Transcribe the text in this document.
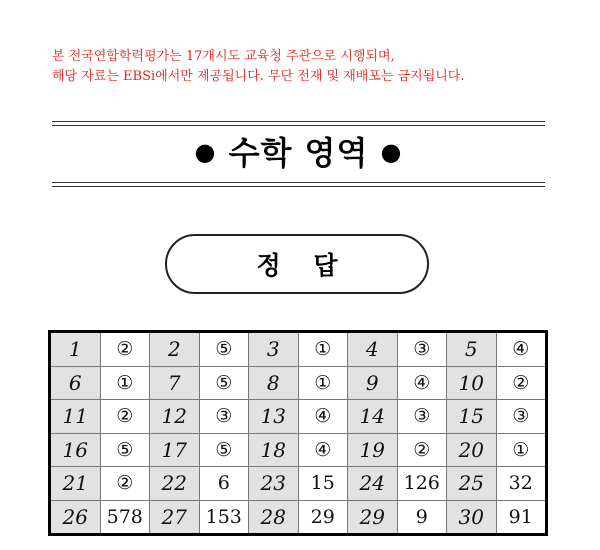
본 전국연합학력평가는 17개시도 교육청 주관으로 시행되며,
해당 자료는 EBSi에서만 제공됩니다. 무단 전재 및 재배포는 금지됩니다.
● 수학 영역 ●
정 답
1	②	2	⑤	3	①	4	③	5	④
6	①	7	⑤	8	①	9	④	10	②
11	②	12	③	13	④	14	③	15	③
16	⑤	17	⑤	18	④	19	②	20	①
21	②	22	6	23	15	24	126	25	32
26	578	27	153	28	29	29	9	30	91
